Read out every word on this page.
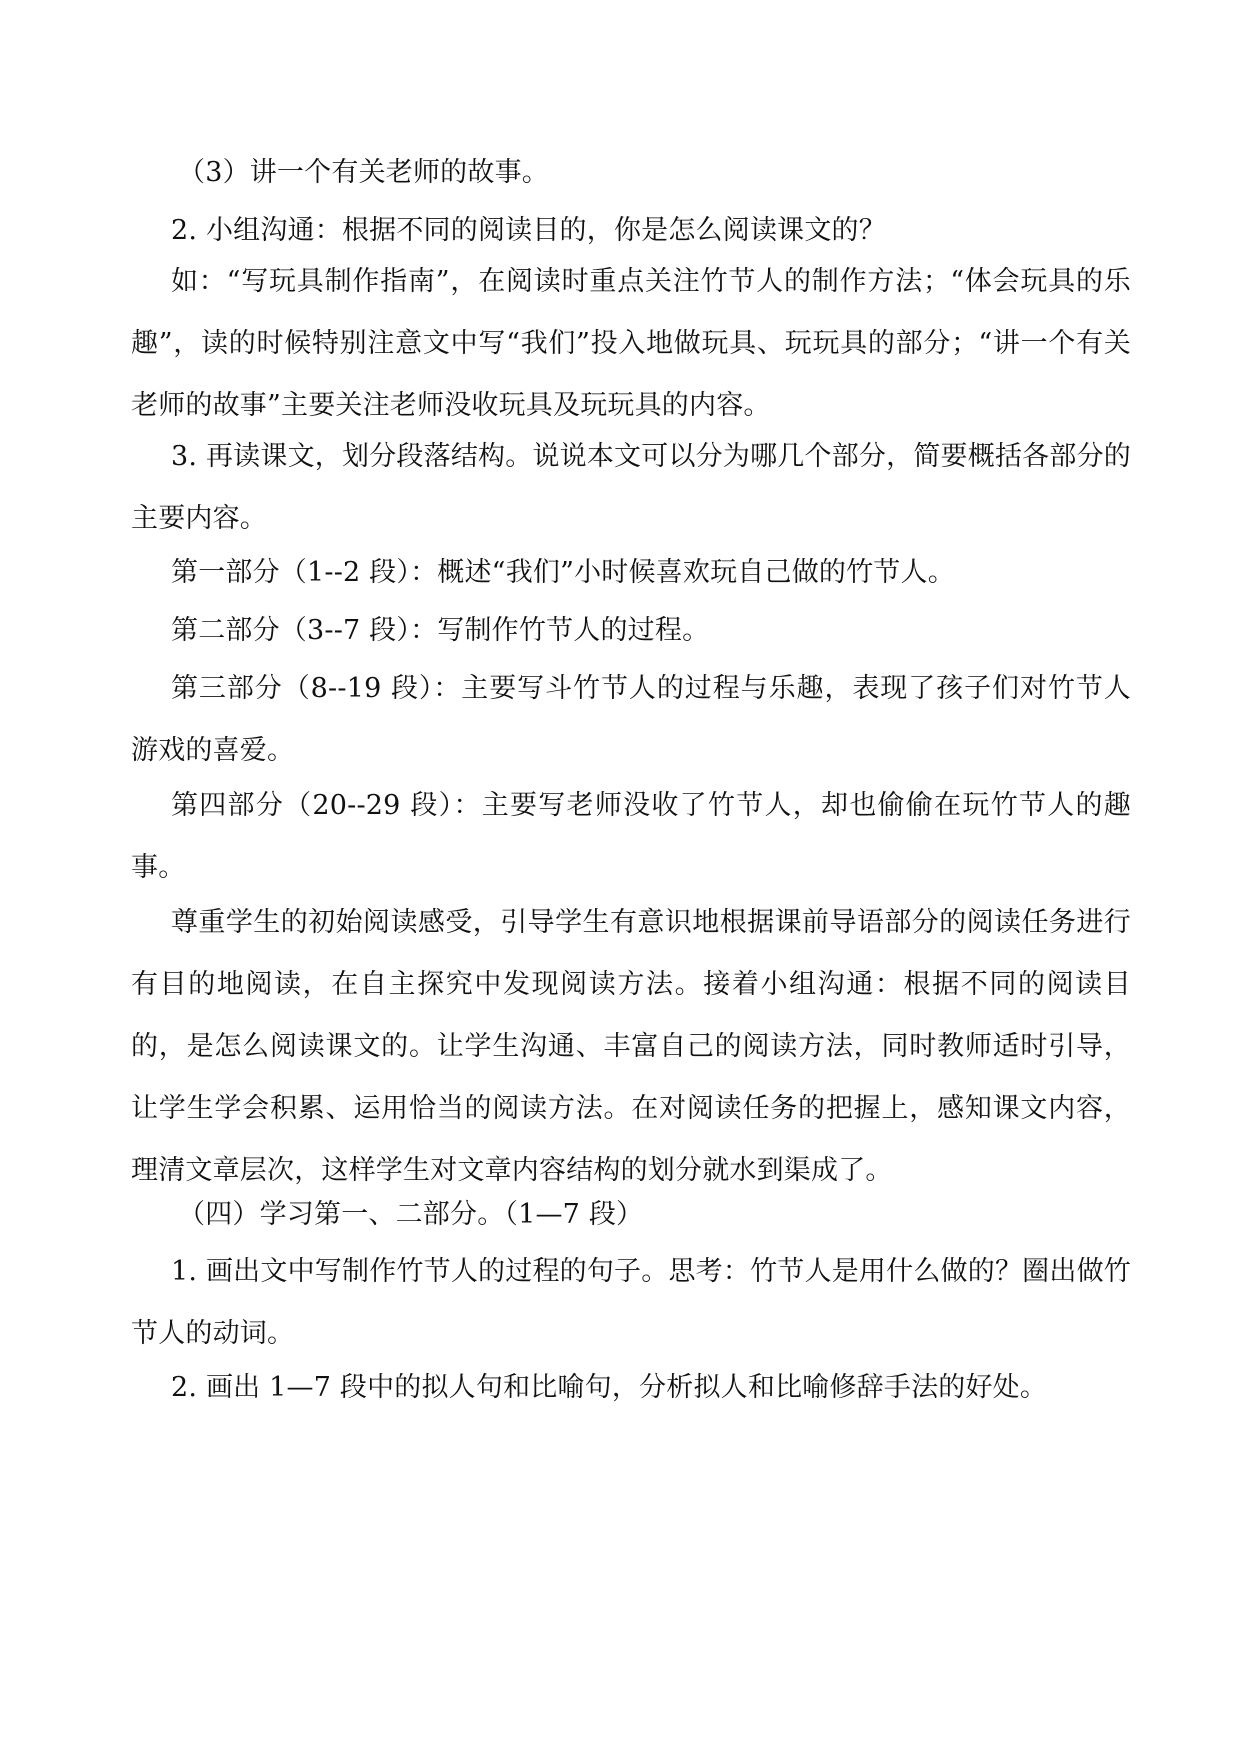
（3）讲一个有关老师的故事。

2. 小组沟通：根据不同的阅读目的，你是怎么阅读课文的？

如：“写玩具制作指南”，在阅读时重点关注竹节人的制作方法；“体会玩具的乐趣”，读的时候特别注意文中写“我们”投入地做玩具、玩玩具的部分；“讲一个有关老师的故事”主要关注老师没收玩具及玩玩具的内容。

3. 再读课文，划分段落结构。说说本文可以分为哪几个部分，简要概括各部分的主要内容。

第一部分（1--2 段）：概述“我们”小时候喜欢玩自己做的竹节人。

第二部分（3--7 段）：写制作竹节人的过程。

第三部分（8--19 段）：主要写斗竹节人的过程与乐趣，表现了孩子们对竹节人游戏的喜爱。

第四部分（20--29 段）：主要写老师没收了竹节人，却也偷偷在玩竹节人的趣事。

尊重学生的初始阅读感受，引导学生有意识地根据课前导语部分的阅读任务进行有目的地阅读，在自主探究中发现阅读方法。接着小组沟通：根据不同的阅读目的，是怎么阅读课文的。让学生沟通、丰富自己的阅读方法，同时教师适时引导，让学生学会积累、运用恰当的阅读方法。在对阅读任务的把握上，感知课文内容，理清文章层次，这样学生对文章内容结构的划分就水到渠成了。

（四）学习第一、二部分。（1—7 段）

1. 画出文中写制作竹节人的过程的句子。思考：竹节人是用什么做的？圈出做竹节人的动词。

2. 画出 1—7 段中的拟人句和比喻句，分析拟人和比喻修辞手法的好处。
